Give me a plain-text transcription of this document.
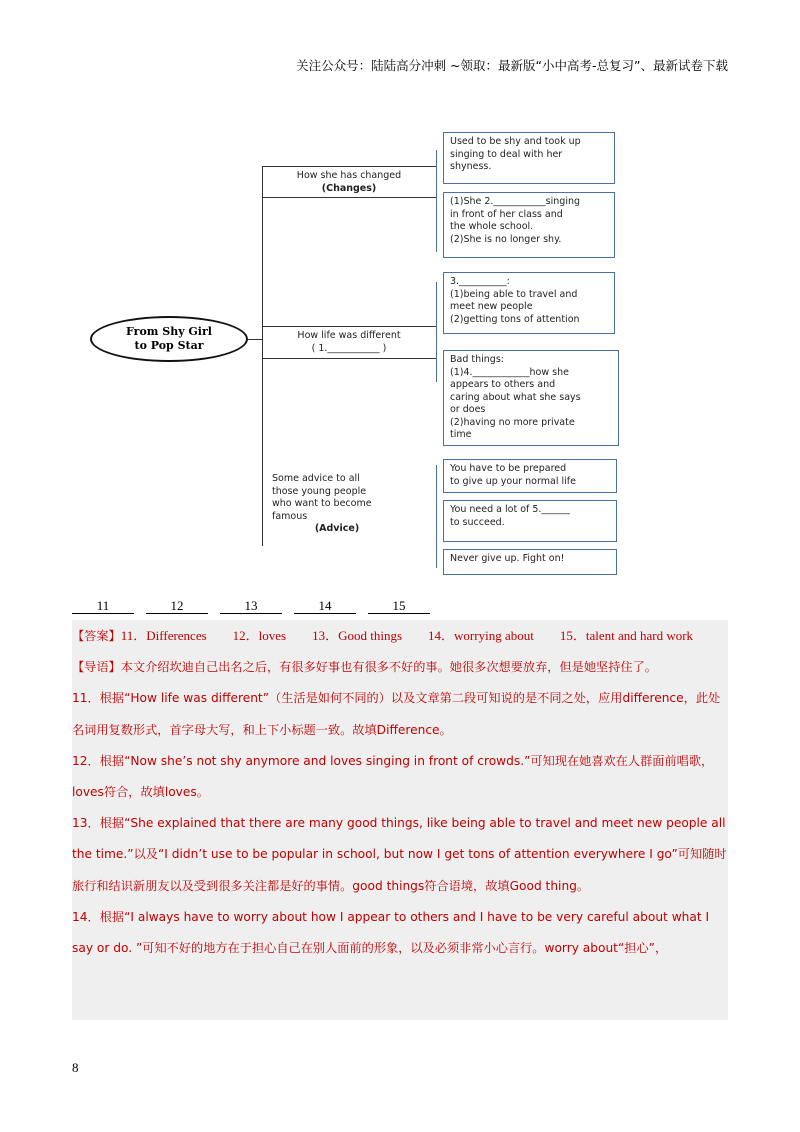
关注公众号：陆陆高分冲刺 ~领取：最新版“小中高考-总复习”、最新试卷下载
From Shy Girl
to Pop Star
How she has changed
(Changes)
How life was different
( 1.___________ )
Some advice to all
those young people
who want to become
famous
(Advice)
Used to be shy and took up
singing to deal with her
shyness.
(1)She 2.___________singing
in front of her class and
the whole school.
(2)She is no longer shy.
3.__________:
(1)being able to travel and
meet new people
(2)getting tons of attention
Bad things:
(1)4.____________how she
appears to others and
caring about what she says
or does
(2)having no more private
time
You have to be prepared
to give up your normal life
You need a lot of 5.______
to succeed.
Never give up. Fight on!
11	12	13	14	15

【答案】11．Differences 12．loves 13．Good things 14．worrying about 15．talent and hard work

【导语】本文介绍坎迪自己出名之后，有很多好事也有很多不好的事。她很多次想要放弃，但是她坚持住了。

11．根据“How life was different”（生活是如何不同的）以及文章第二段可知说的是不同之处，应用difference，此处名词用复数形式，首字母大写，和上下小标题一致。故填Difference。

12．根据“Now she’s not shy anymore and loves singing in front of crowds.”可知现在她喜欢在人群面前唱歌，loves符合，故填loves。

13．根据“She explained that there are many good things, like being able to travel and meet new people all the time.”以及“I didn’t use to be popular in school, but now I get tons of attention everywhere I go”可知随时旅行和结识新朋友以及受到很多关注都是好的事情。good things符合语境，故填Good thing。

14．根据“I always have to worry about how I appear to others and I have to be very careful about what I say or do. ”可知不好的地方在于担心自己在别人面前的形象，以及必须非常小心言行。worry about“担心”，

8
